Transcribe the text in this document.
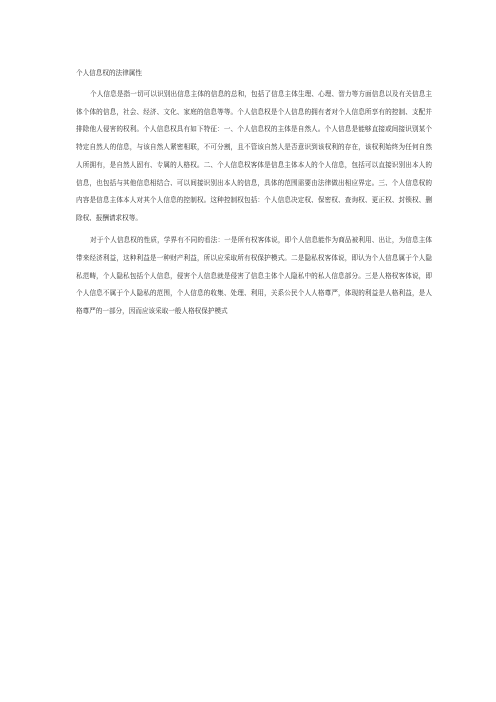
个人信息权的法律属性

个人信息是指一切可以识别出信息主体的信息的总和，包括了信息主体生理、心理、智力等方面信息以及有关信息主体个体的信息，社会、经济、文化、家庭的信息等等。个人信息权是个人信息的拥有者对个人信息所享有的控制、支配并排除他人侵害的权利。个人信息权具有如下特征：一、个人信息权的主体是自然人。个人信息是能够直接或间接识别某个特定自然人的信息，与该自然人紧密相联，不可分割，且不管该自然人是否意识到该权利的存在，该权利始终为任何自然人所拥有，是自然人固有、专属的人格权。二、个人信息权客体是信息主体本人的个人信息，包括可以直接识别出本人的信息，也包括与其他信息相结合、可以间接识别出本人的信息，具体的范围需要由法律做出相应界定。三、个人信息权的内容是信息主体本人对其个人信息的控制权。这种控制权包括：个人信息决定权、保密权、查询权、更正权、封锁权、删除权、报酬请求权等。

对于个人信息权的性质，学界有不同的看法：一是所有权客体说，即个人信息能作为商品被利用、出让，为信息主体带来经济利益，这种利益是一种财产利益，所以应采取所有权保护模式。二是隐私权客体说，即认为个人信息属于个人隐私范畴，个人隐私包括个人信息，侵害个人信息就是侵害了信息主体个人隐私中的私人信息部分。三是人格权客体说，即个人信息不属于个人隐私的范围，个人信息的收集、处理、利用，关系公民个人人格尊严，体现的利益是人格利益，是人格尊严的一部分，因而应该采取一般人格权保护模式
